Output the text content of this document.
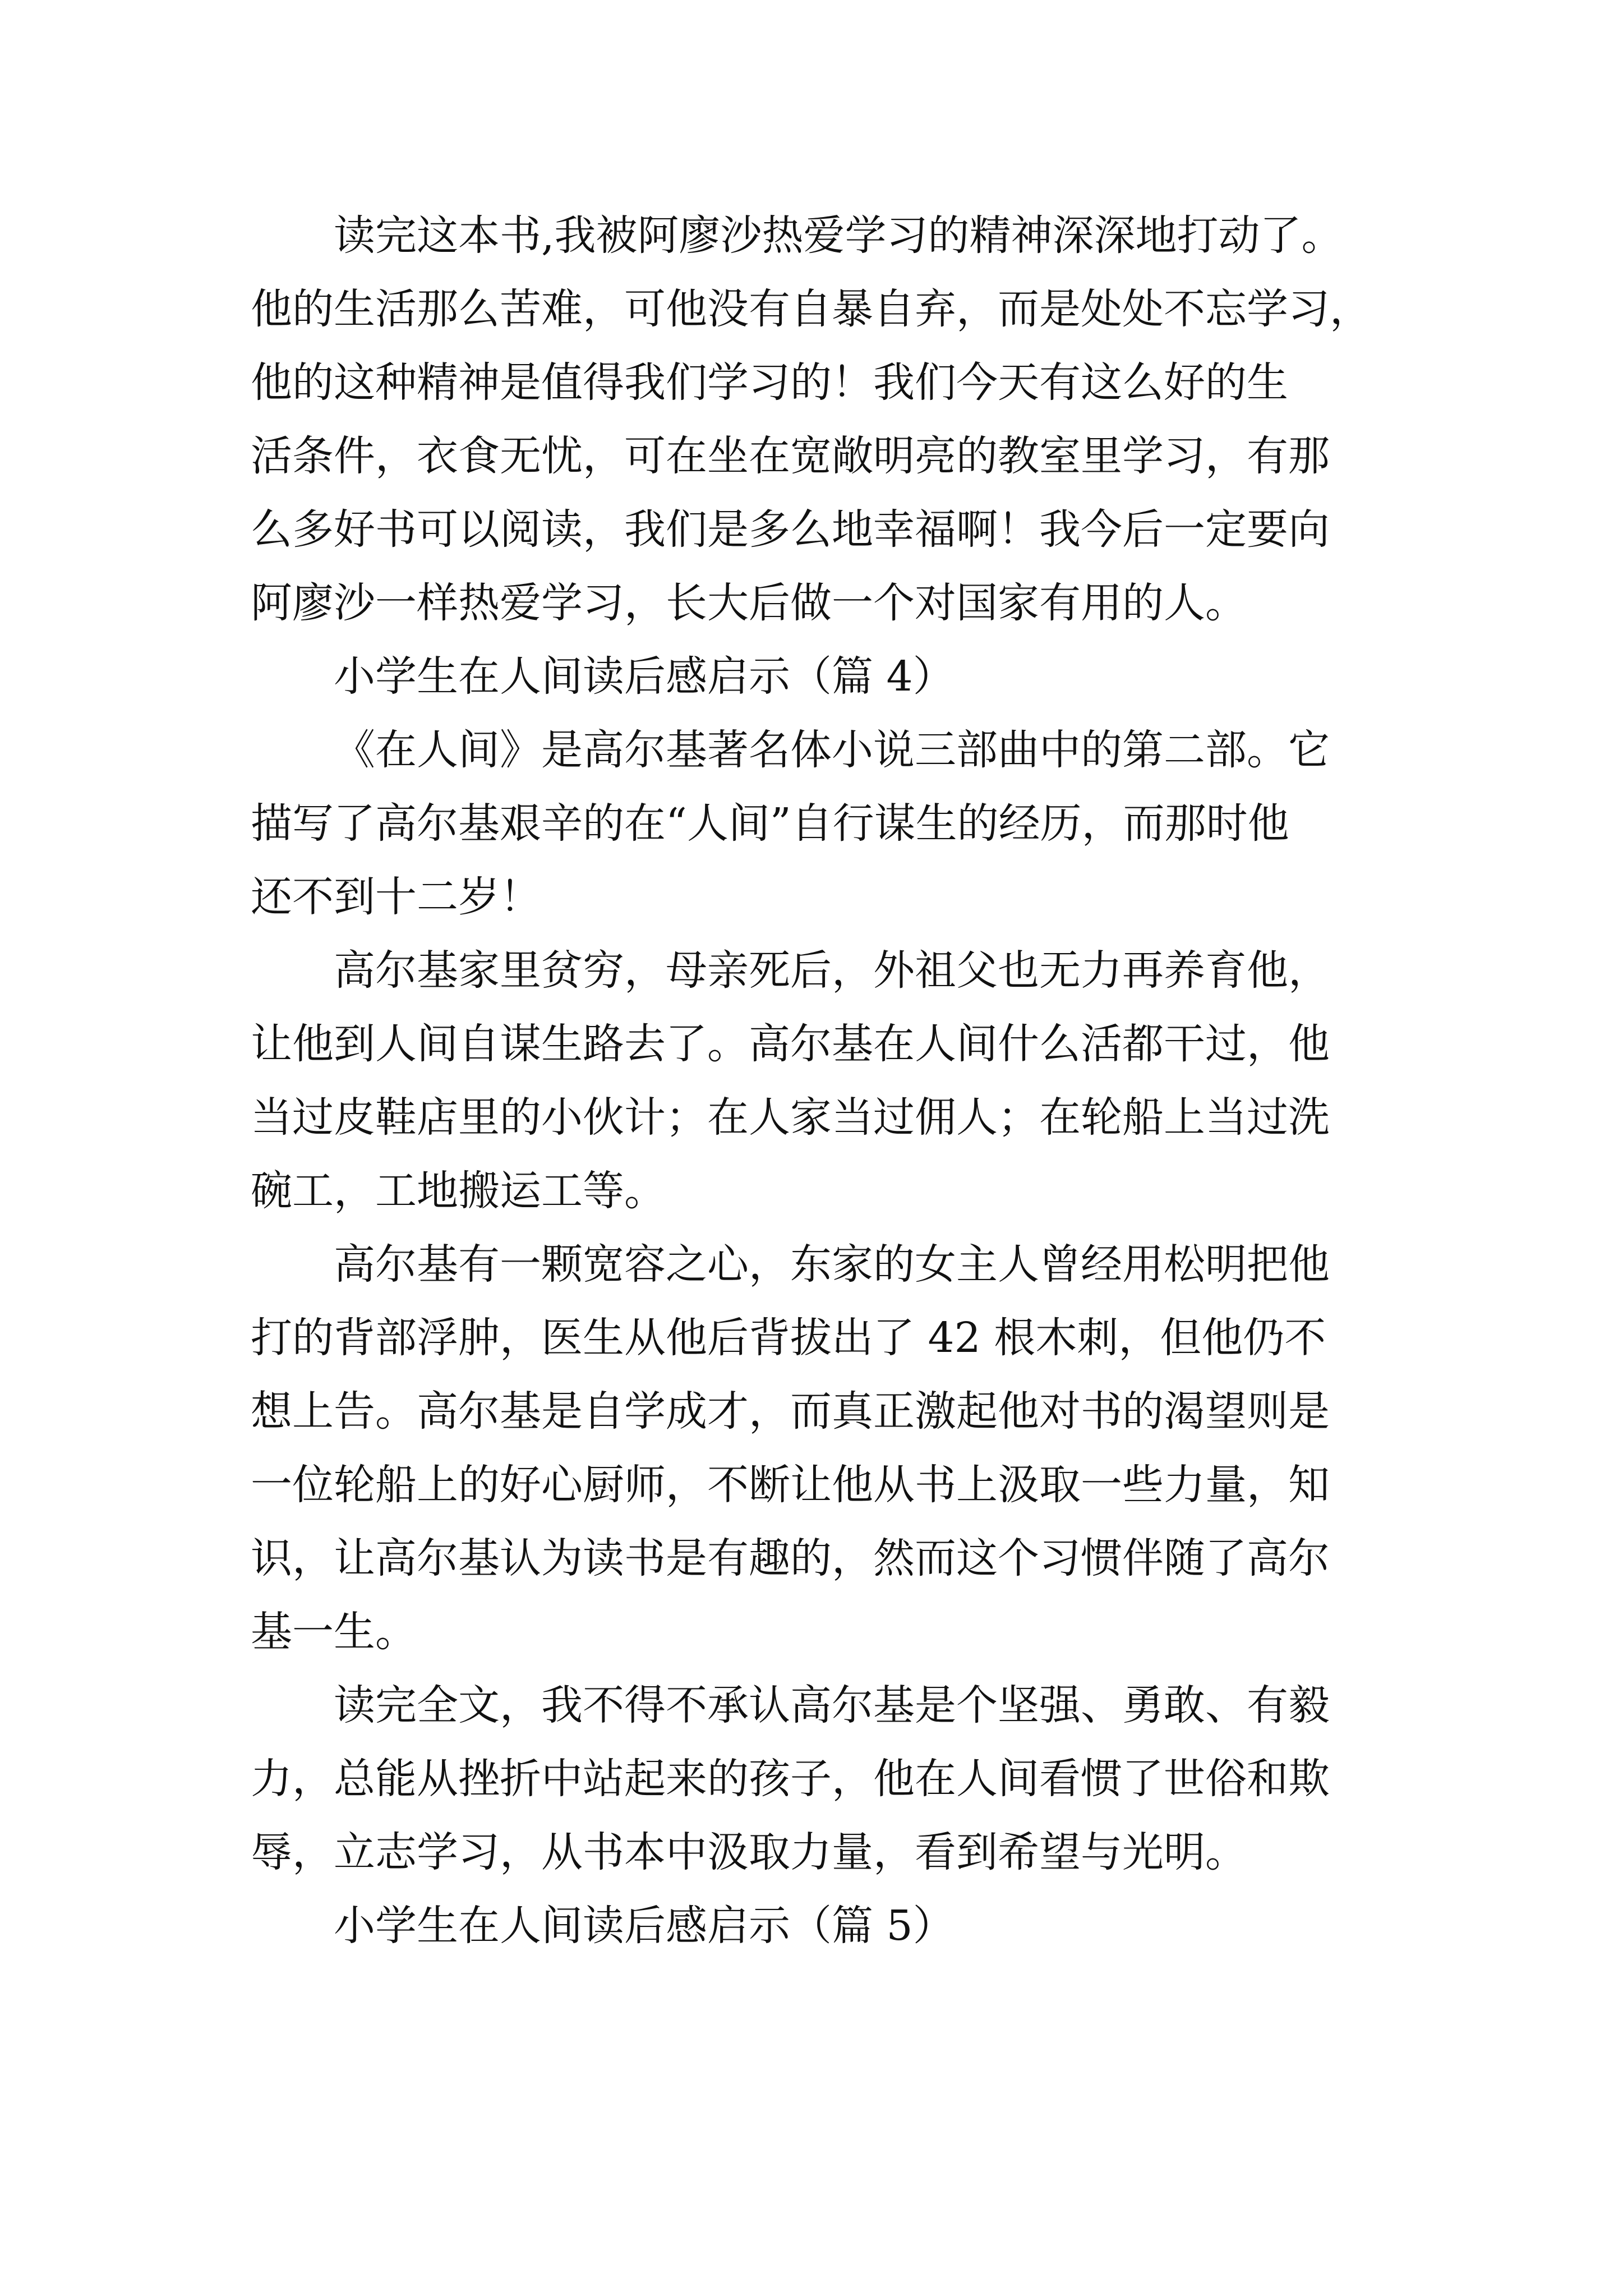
读完这本书,我被阿廖沙热爱学习的精神深深地打动了。
他的生活那么苦难，可他没有自暴自弃，而是处处不忘学习，
他的这种精神是值得我们学习的！我们今天有这么好的生
活条件，衣食无忧，可在坐在宽敞明亮的教室里学习，有那
么多好书可以阅读，我们是多么地幸福啊！我今后一定要向
阿廖沙一样热爱学习，长大后做一个对国家有用的人。
小学生在人间读后感启示（篇 4）
《在人间》是高尔基著名体小说三部曲中的第二部。它
描写了高尔基艰辛的在“人间”自行谋生的经历，而那时他
还不到十二岁！
高尔基家里贫穷，母亲死后，外祖父也无力再养育他，
让他到人间自谋生路去了。高尔基在人间什么活都干过，他
当过皮鞋店里的小伙计；在人家当过佣人；在轮船上当过洗
碗工，工地搬运工等。
高尔基有一颗宽容之心，东家的女主人曾经用松明把他
打的背部浮肿，医生从他后背拔出了 42 根木刺，但他仍不
想上告。高尔基是自学成才，而真正激起他对书的渴望则是
一位轮船上的好心厨师，不断让他从书上汲取一些力量，知
识，让高尔基认为读书是有趣的，然而这个习惯伴随了高尔
基一生。
读完全文，我不得不承认高尔基是个坚强、勇敢、有毅
力，总能从挫折中站起来的孩子，他在人间看惯了世俗和欺
辱，立志学习，从书本中汲取力量，看到希望与光明。
小学生在人间读后感启示（篇 5）
